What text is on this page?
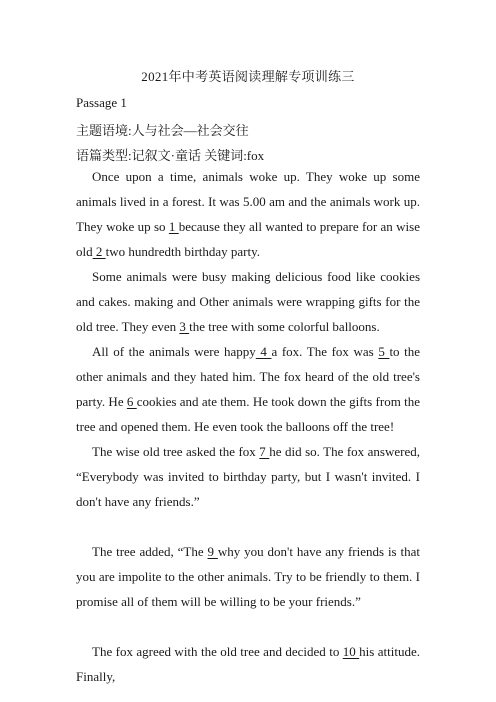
2021年中考英语阅读理解专项训练三
Passage 1
主题语境:人与社会—社会交往
语篇类型:记叙文·童话 关键词:fox

Once upon a time, animals woke up. They woke up some animals lived in a forest. It was 5.00 am and the animals work up. They woke up so 1 because they all wanted to prepare for an wise old 2 two hundredth birthday party.

Some animals were busy making delicious food like cookies and cakes. making and Other animals were wrapping gifts for the old tree. They even 3 the tree with some colorful balloons.

All of the animals were happy 4 a fox. The fox was 5 to the other animals and they hated him. The fox heard of the old tree's party. He 6 cookies and ate them. He took down the gifts from the tree and opened them. He even took the balloons off the tree!

The wise old tree asked the fox 7 he did so. The fox answered, “Everybody was invited to birthday party, but I wasn't invited. I don't have any friends.”

The tree added, “The 9 why you don't have any friends is that you are impolite to the other animals. Try to be friendly to them. I promise all of them will be willing to be your friends.”

The fox agreed with the old tree and decided to 10 his attitude. Finally,
